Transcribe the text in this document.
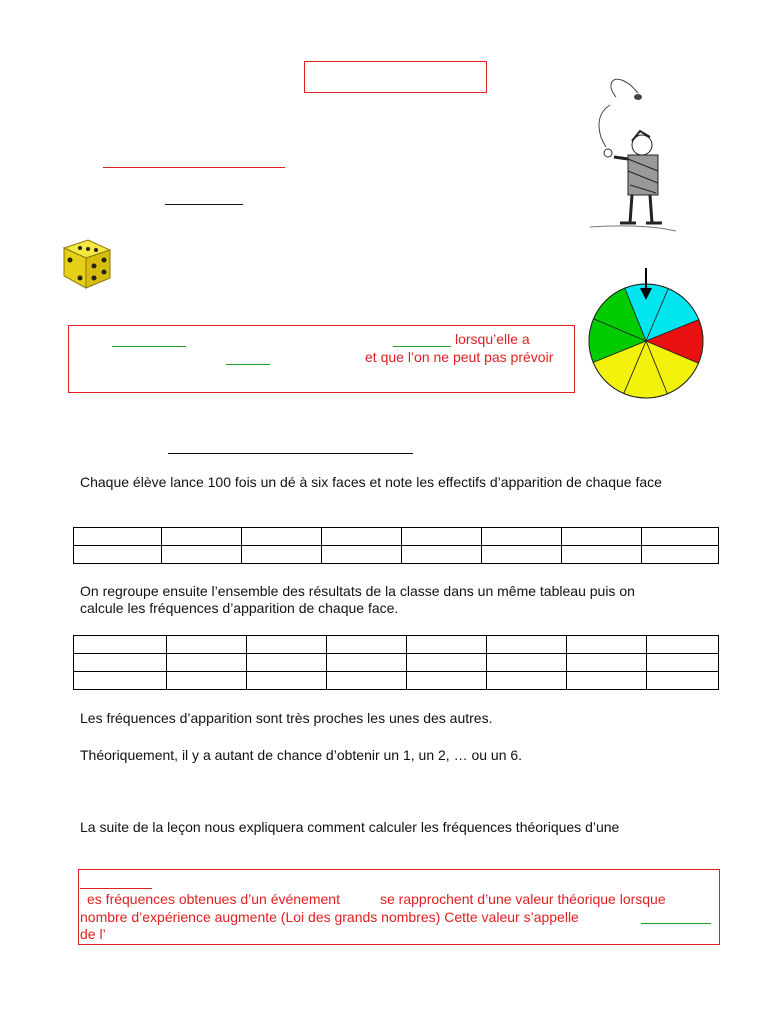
lorsqu’elle a
et que l’on ne peut pas prévoir
Chaque élève lance 100 fois un dé à six faces et note les effectifs d’apparition de chaque face

On regroupe ensuite l’ensemble des résultats de la classe dans un même tableau puis on
calcule les fréquences d’apparition de chaque face.

Les fréquences d’apparition sont très proches les unes des autres.
Théoriquement, il y a autant de chance d’obtenir un 1, un 2, … ou un 6.
La suite de la leçon nous expliquera comment calculer les fréquences théoriques d’une
es fréquences obtenues d’un événement	se rapprochent d’une valeur théorique lorsque
nombre d’expérience augmente (Loi des grands nombres) Cette valeur s’appelle
de l’
